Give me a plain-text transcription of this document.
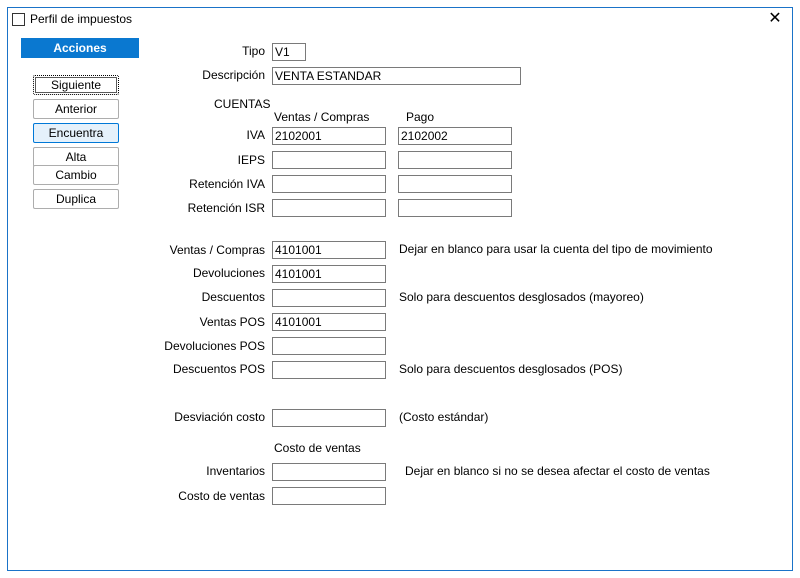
Perfil de impuestos	✕
Acciones
Siguiente
Anterior
Encuentra
Alta
Cambio
Duplica
Tipo V1
Descripción VENTA ESTANDAR
CUENTAS
Ventas / Compras	Pago
IVA 2102001	2102002
IEPS
Retención IVA
Retención ISR
Ventas / Compras 4101001	Dejar en blanco para usar la cuenta del tipo de movimiento
Devoluciones 4101001
Descuentos	Solo para descuentos desglosados (mayoreo)
Ventas POS 4101001
Devoluciones POS
Descuentos POS	Solo para descuentos desglosados (POS)
Desviación costo	(Costo estándar)
Costo de ventas
Inventarios	Dejar en blanco si no se desea afectar el costo de ventas
Costo de ventas
